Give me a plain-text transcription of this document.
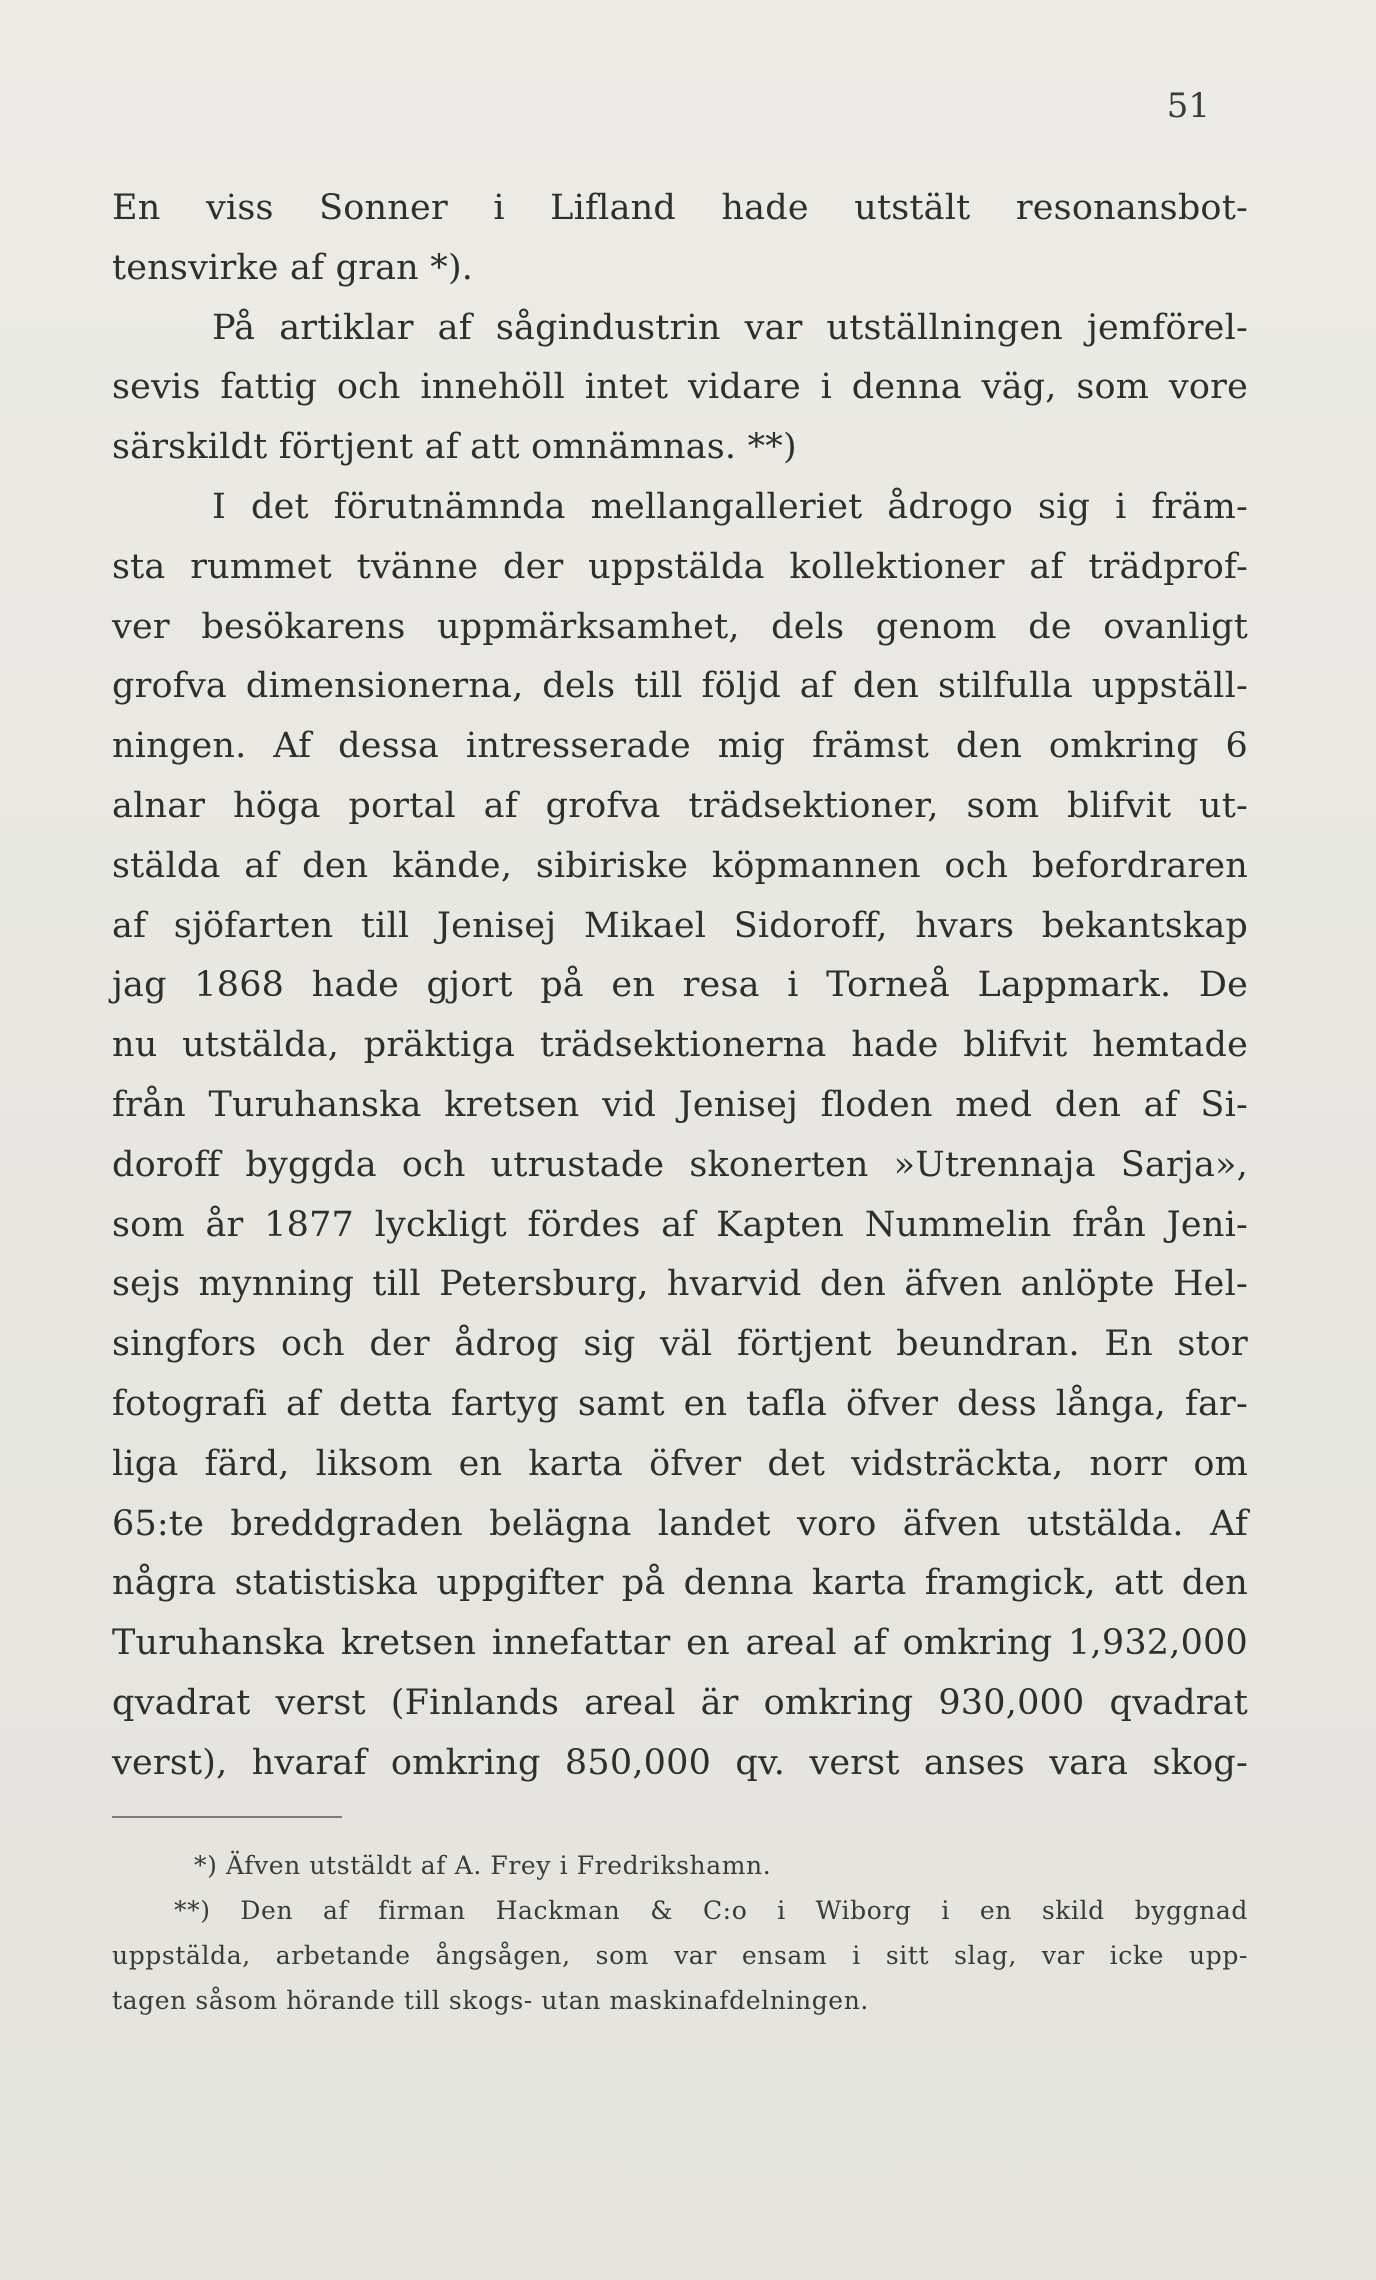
51
En viss Sonner i Lifland hade utstält resonansbot-
tensvirke af gran *).
På artiklar af sågindustrin var utställningen jemförel-
sevis fattig och innehöll intet vidare i denna väg, som vore
särskildt förtjent af att omnämnas. **)
I det förutnämnda mellangalleriet ådrogo sig i främ-
sta rummet tvänne der uppstälda kollektioner af trädprof-
ver besökarens uppmärksamhet, dels genom de ovanligt
grofva dimensionerna, dels till följd af den stilfulla uppställ-
ningen. Af dessa intresserade mig främst den omkring 6
alnar höga portal af grofva trädsektioner, som blifvit ut-
stälda af den kände, sibiriske köpmannen och befordraren
af sjöfarten till Jenisej Mikael Sidoroff, hvars bekantskap
jag 1868 hade gjort på en resa i Torneå Lappmark. De
nu utstälda, präktiga trädsektionerna hade blifvit hemtade
från Turuhanska kretsen vid Jenisej floden med den af Si-
doroff byggda och utrustade skonerten »Utrennaja Sarja»,
som år 1877 lyckligt fördes af Kapten Nummelin från Jeni-
sejs mynning till Petersburg, hvarvid den äfven anlöpte Hel-
singfors och der ådrog sig väl förtjent beundran. En stor
fotografi af detta fartyg samt en tafla öfver dess långa, far-
liga färd, liksom en karta öfver det vidsträckta, norr om
65:te breddgraden belägna landet voro äfven utstälda. Af
några statistiska uppgifter på denna karta framgick, att den
Turuhanska kretsen innefattar en areal af omkring 1,932,000
qvadrat verst (Finlands areal är omkring 930,000 qvadrat
verst), hvaraf omkring 850,000 qv. verst anses vara skog-
*) Äfven utstäldt af A. Frey i Fredrikshamn.
**) Den af firman Hackman & C:o i Wiborg i en skild byggnad
uppstälda, arbetande ångsågen, som var ensam i sitt slag, var icke upp-
tagen såsom hörande till skogs- utan maskinafdelningen.
